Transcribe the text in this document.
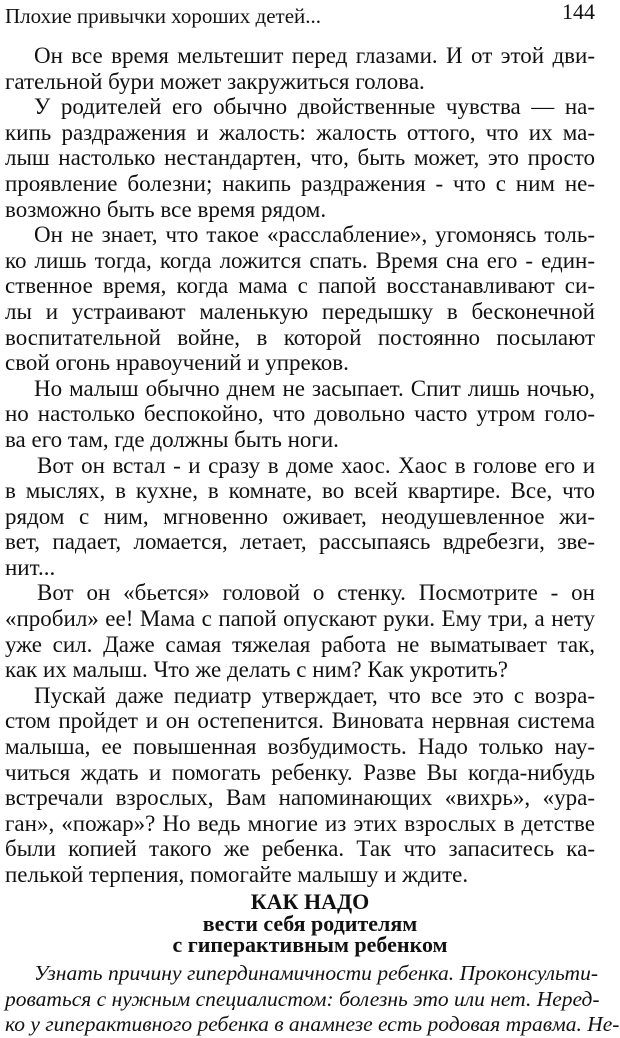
Плохие привычки хороших детей...	144
Он все время мельтешит перед глазами. И от этой дви-
гательной бури может закружиться голова.
У родителей его обычно двойственные чувства — на-
кипь раздражения и жалость: жалость оттого, что их ма-
лыш настолько нестандартен, что, быть может, это просто
проявление болезни; накипь раздражения - что с ним не-
возможно быть все время рядом.
Он не знает, что такое «расслабление», угомонясь толь-
ко лишь тогда, когда ложится спать. Время сна его - един-
ственное время, когда мама с папой восстанавливают си-
лы и устраивают маленькую передышку в бесконечной
воспитательной войне, в которой постоянно посылают
свой огонь нравоучений и упреков.
Но малыш обычно днем не засыпает. Спит лишь ночью,
но настолько беспокойно, что довольно часто утром голо-
ва его там, где должны быть ноги.
Вот он встал - и сразу в доме хаос. Хаос в голове его и
в мыслях, в кухне, в комнате, во всей квартире. Все, что
рядом с ним, мгновенно оживает, неодушевленное жи-
вет, падает, ломается, летает, рассыпаясь вдребезги, зве-
нит...
Вот он «бьется» головой о стенку. Посмотрите - он
«пробил» ее! Мама с папой опускают руки. Ему три, а нету
уже сил. Даже самая тяжелая работа не выматывает так,
как их малыш. Что же делать с ним? Как укротить?
Пускай даже педиатр утверждает, что все это с возра-
стом пройдет и он остепенится. Виновата нервная система
малыша, ее повышенная возбудимость. Надо только нау-
читься ждать и помогать ребенку. Разве Вы когда-нибудь
встречали взрослых, Вам напоминающих «вихрь», «ура-
ган», «пожар»? Но ведь многие из этих взрослых в детстве
были копией такого же ребенка. Так что запаситесь ка-
пелькой терпения, помогайте малышу и ждите.
КАК НАДО
вести себя родителям
с гиперактивным ребенком
Узнать причину гипердинамичности ребенка. Проконсульти-
роваться с нужным специалистом: болезнь это или нет. Неред-
ко у гиперактивного ребенка в анамнезе есть родовая травма. Не-
